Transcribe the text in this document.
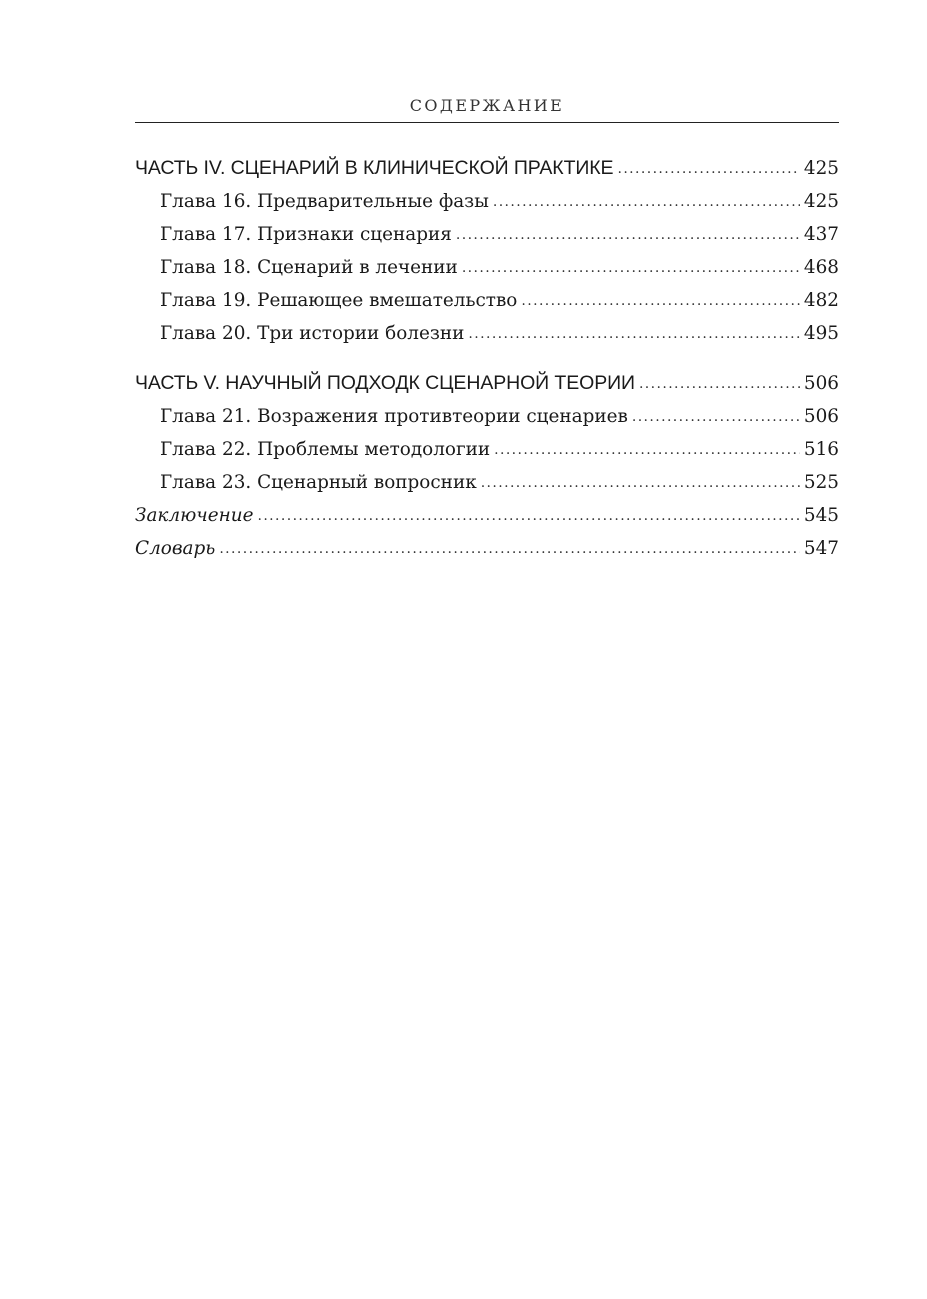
СОДЕРЖАНИЕ
ЧАСТЬ IV. СЦЕНАРИЙ В КЛИНИЧЕСКОЙ ПРАКТИКЕ .....	425
Глава 16. Предварительные фазы .....	425
Глава 17. Признаки сценария .....	437
Глава 18. Сценарий в лечении .....	468
Глава 19. Решающее вмешательство .....	482
Глава 20. Три истории болезни .....	495
ЧАСТЬ V. НАУЧНЫЙ ПОДХОДК СЦЕНАРНОЙ ТЕОРИИ .....	506
Глава 21. Возражения противтеории сценариев .....	506
Глава 22. Проблемы методологии .....	516
Глава 23. Сценарный вопросник .....	525
Заключение .....	545
Словарь .....	547
